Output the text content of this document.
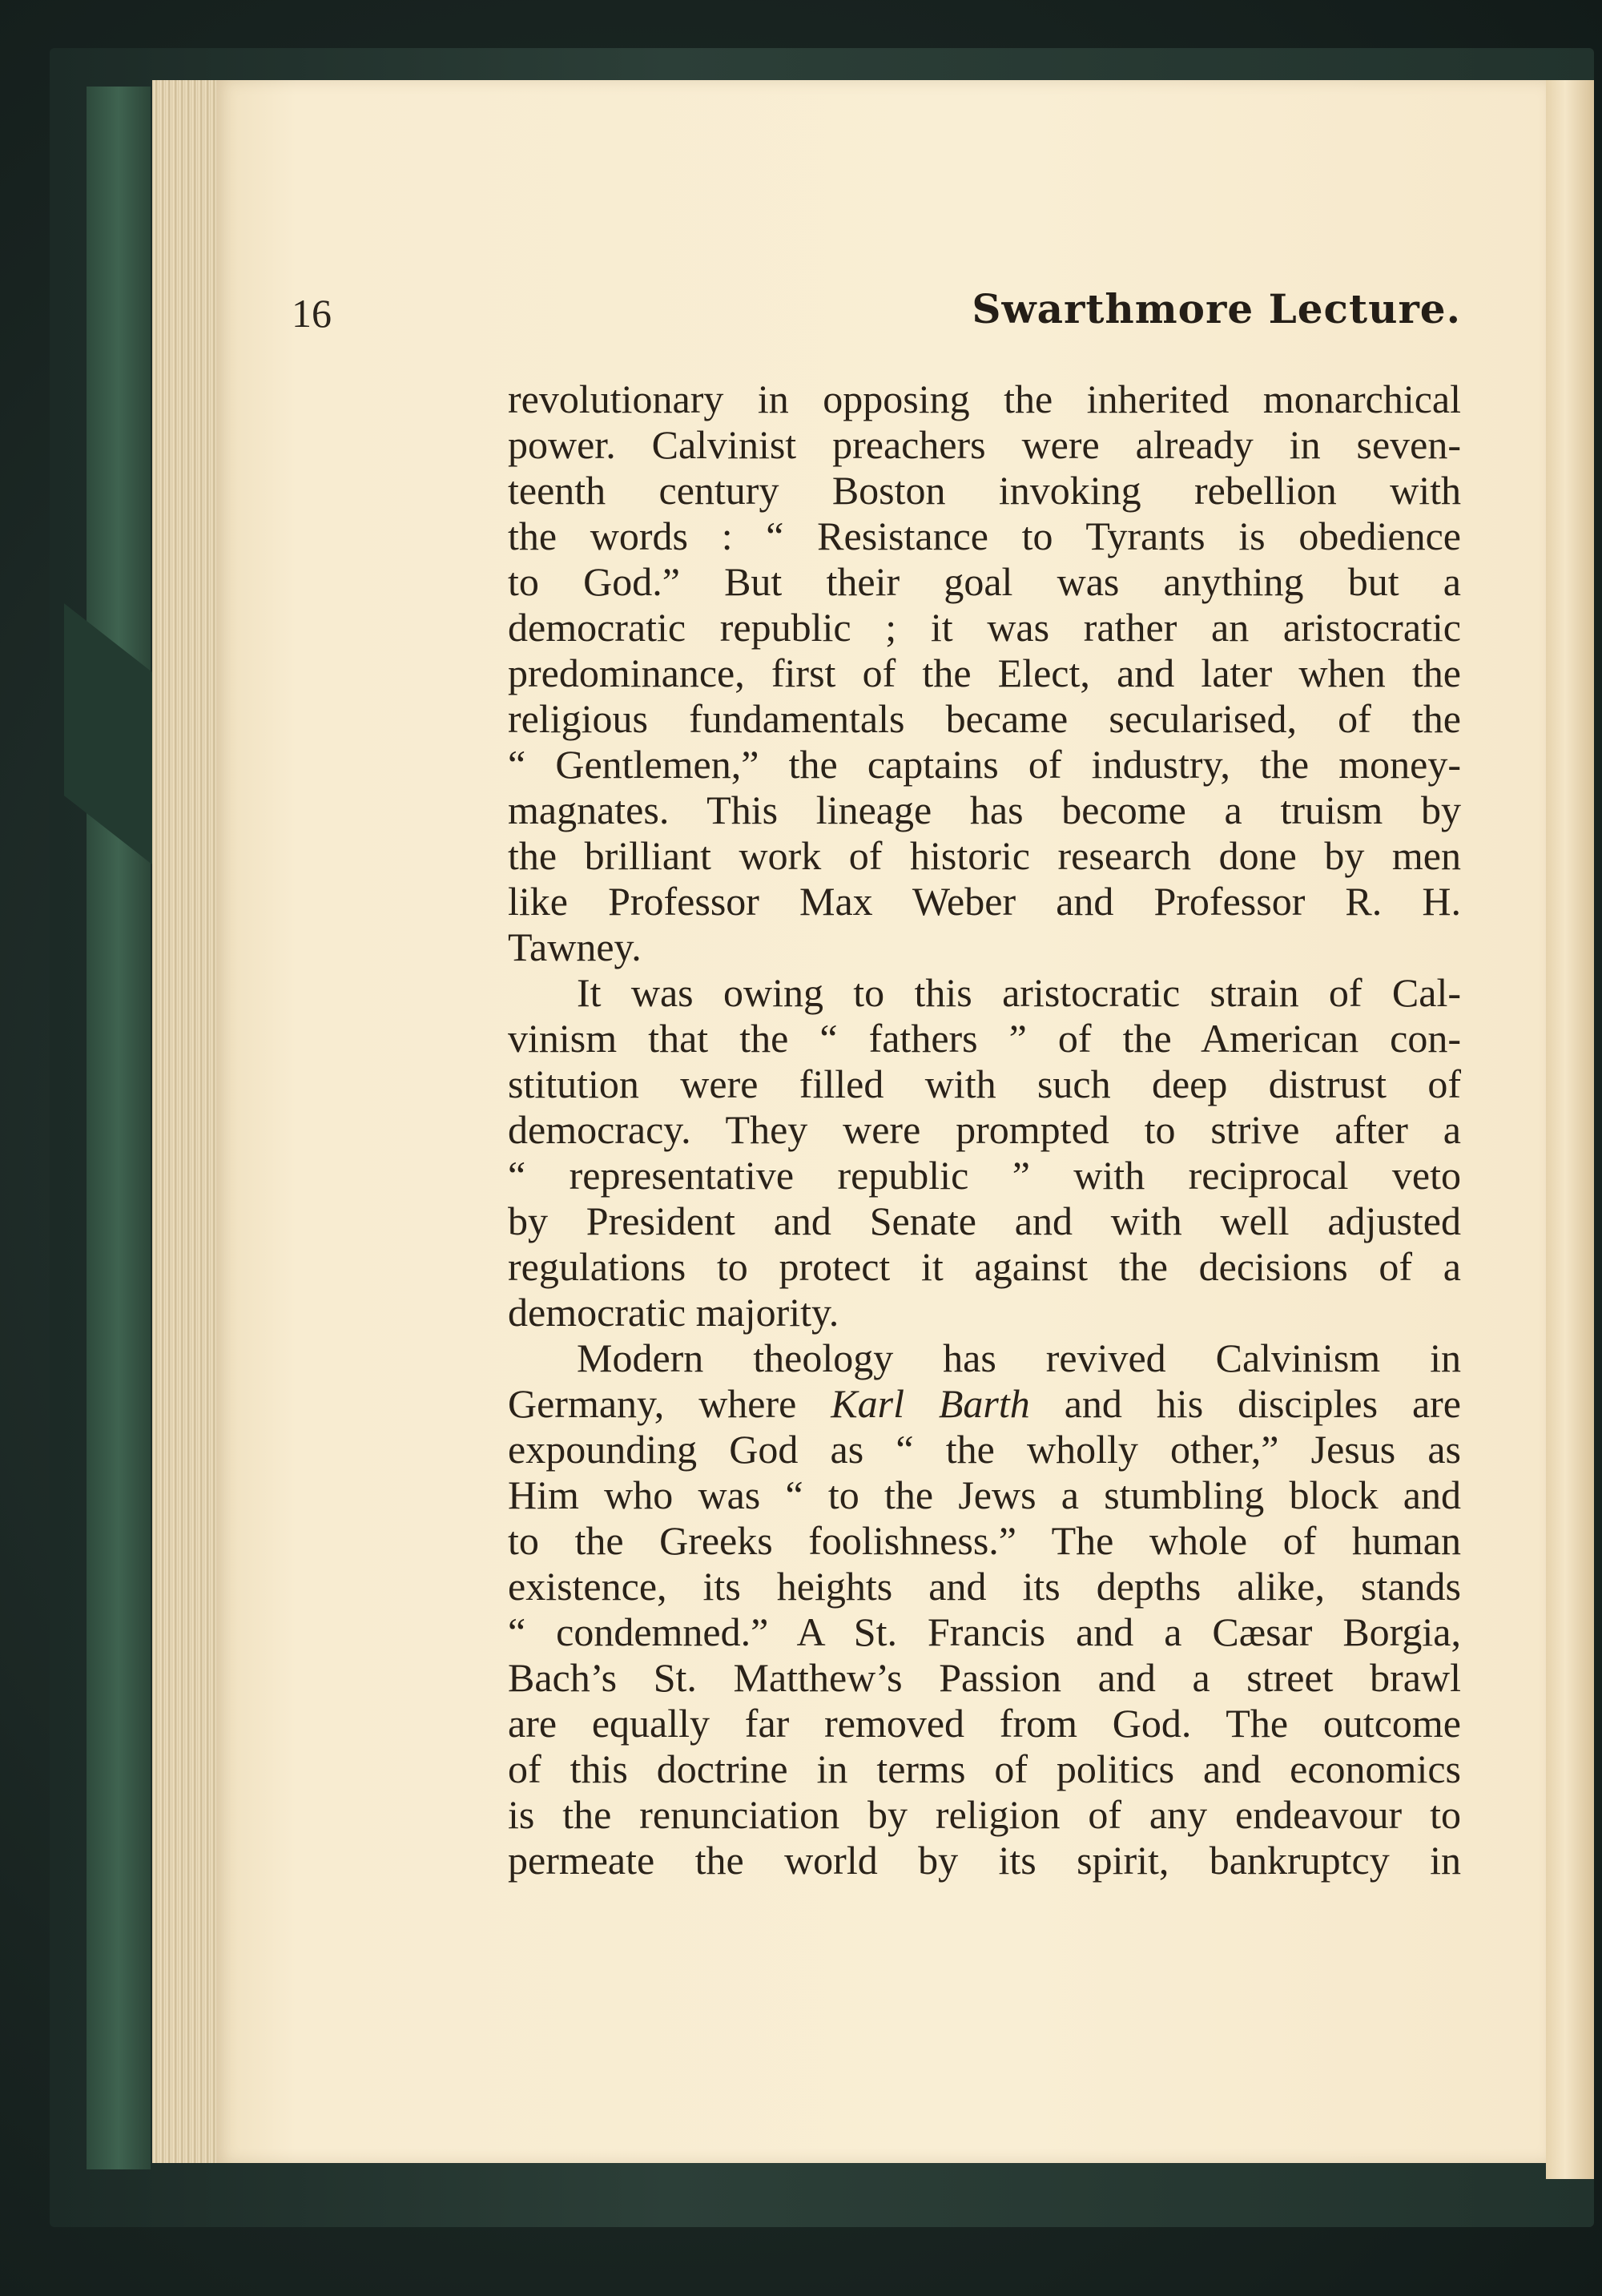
16	Swarthmore Lecture.
revolutionary in opposing the inherited monarchical
power. Calvinist preachers were already in seven-
teenth century Boston invoking rebellion with
the words : “ Resistance to Tyrants is obedience
to God.” But their goal was anything but a
democratic republic ; it was rather an aristocratic
predominance, first of the Elect, and later when the
religious fundamentals became secularised, of the
“ Gentlemen,” the captains of industry, the money-
magnates. This lineage has become a truism by
the brilliant work of historic research done by men
like Professor Max Weber and Professor R. H.
Tawney.
It was owing to this aristocratic strain of Cal-
vinism that the “ fathers ” of the American con-
stitution were filled with such deep distrust of
democracy. They were prompted to strive after a
“ representative republic ” with reciprocal veto
by President and Senate and with well adjusted
regulations to protect it against the decisions of a
democratic majority.
Modern theology has revived Calvinism in
Germany, where Karl Barth and his disciples are
expounding God as “ the wholly other,” Jesus as
Him who was “ to the Jews a stumbling block and
to the Greeks foolishness.” The whole of human
existence, its heights and its depths alike, stands
“ condemned.” A St. Francis and a Cæsar Borgia,
Bach’s St. Matthew’s Passion and a street brawl
are equally far removed from God. The outcome
of this doctrine in terms of politics and economics
is the renunciation by religion of any endeavour to
permeate the world by its spirit, bankruptcy in
